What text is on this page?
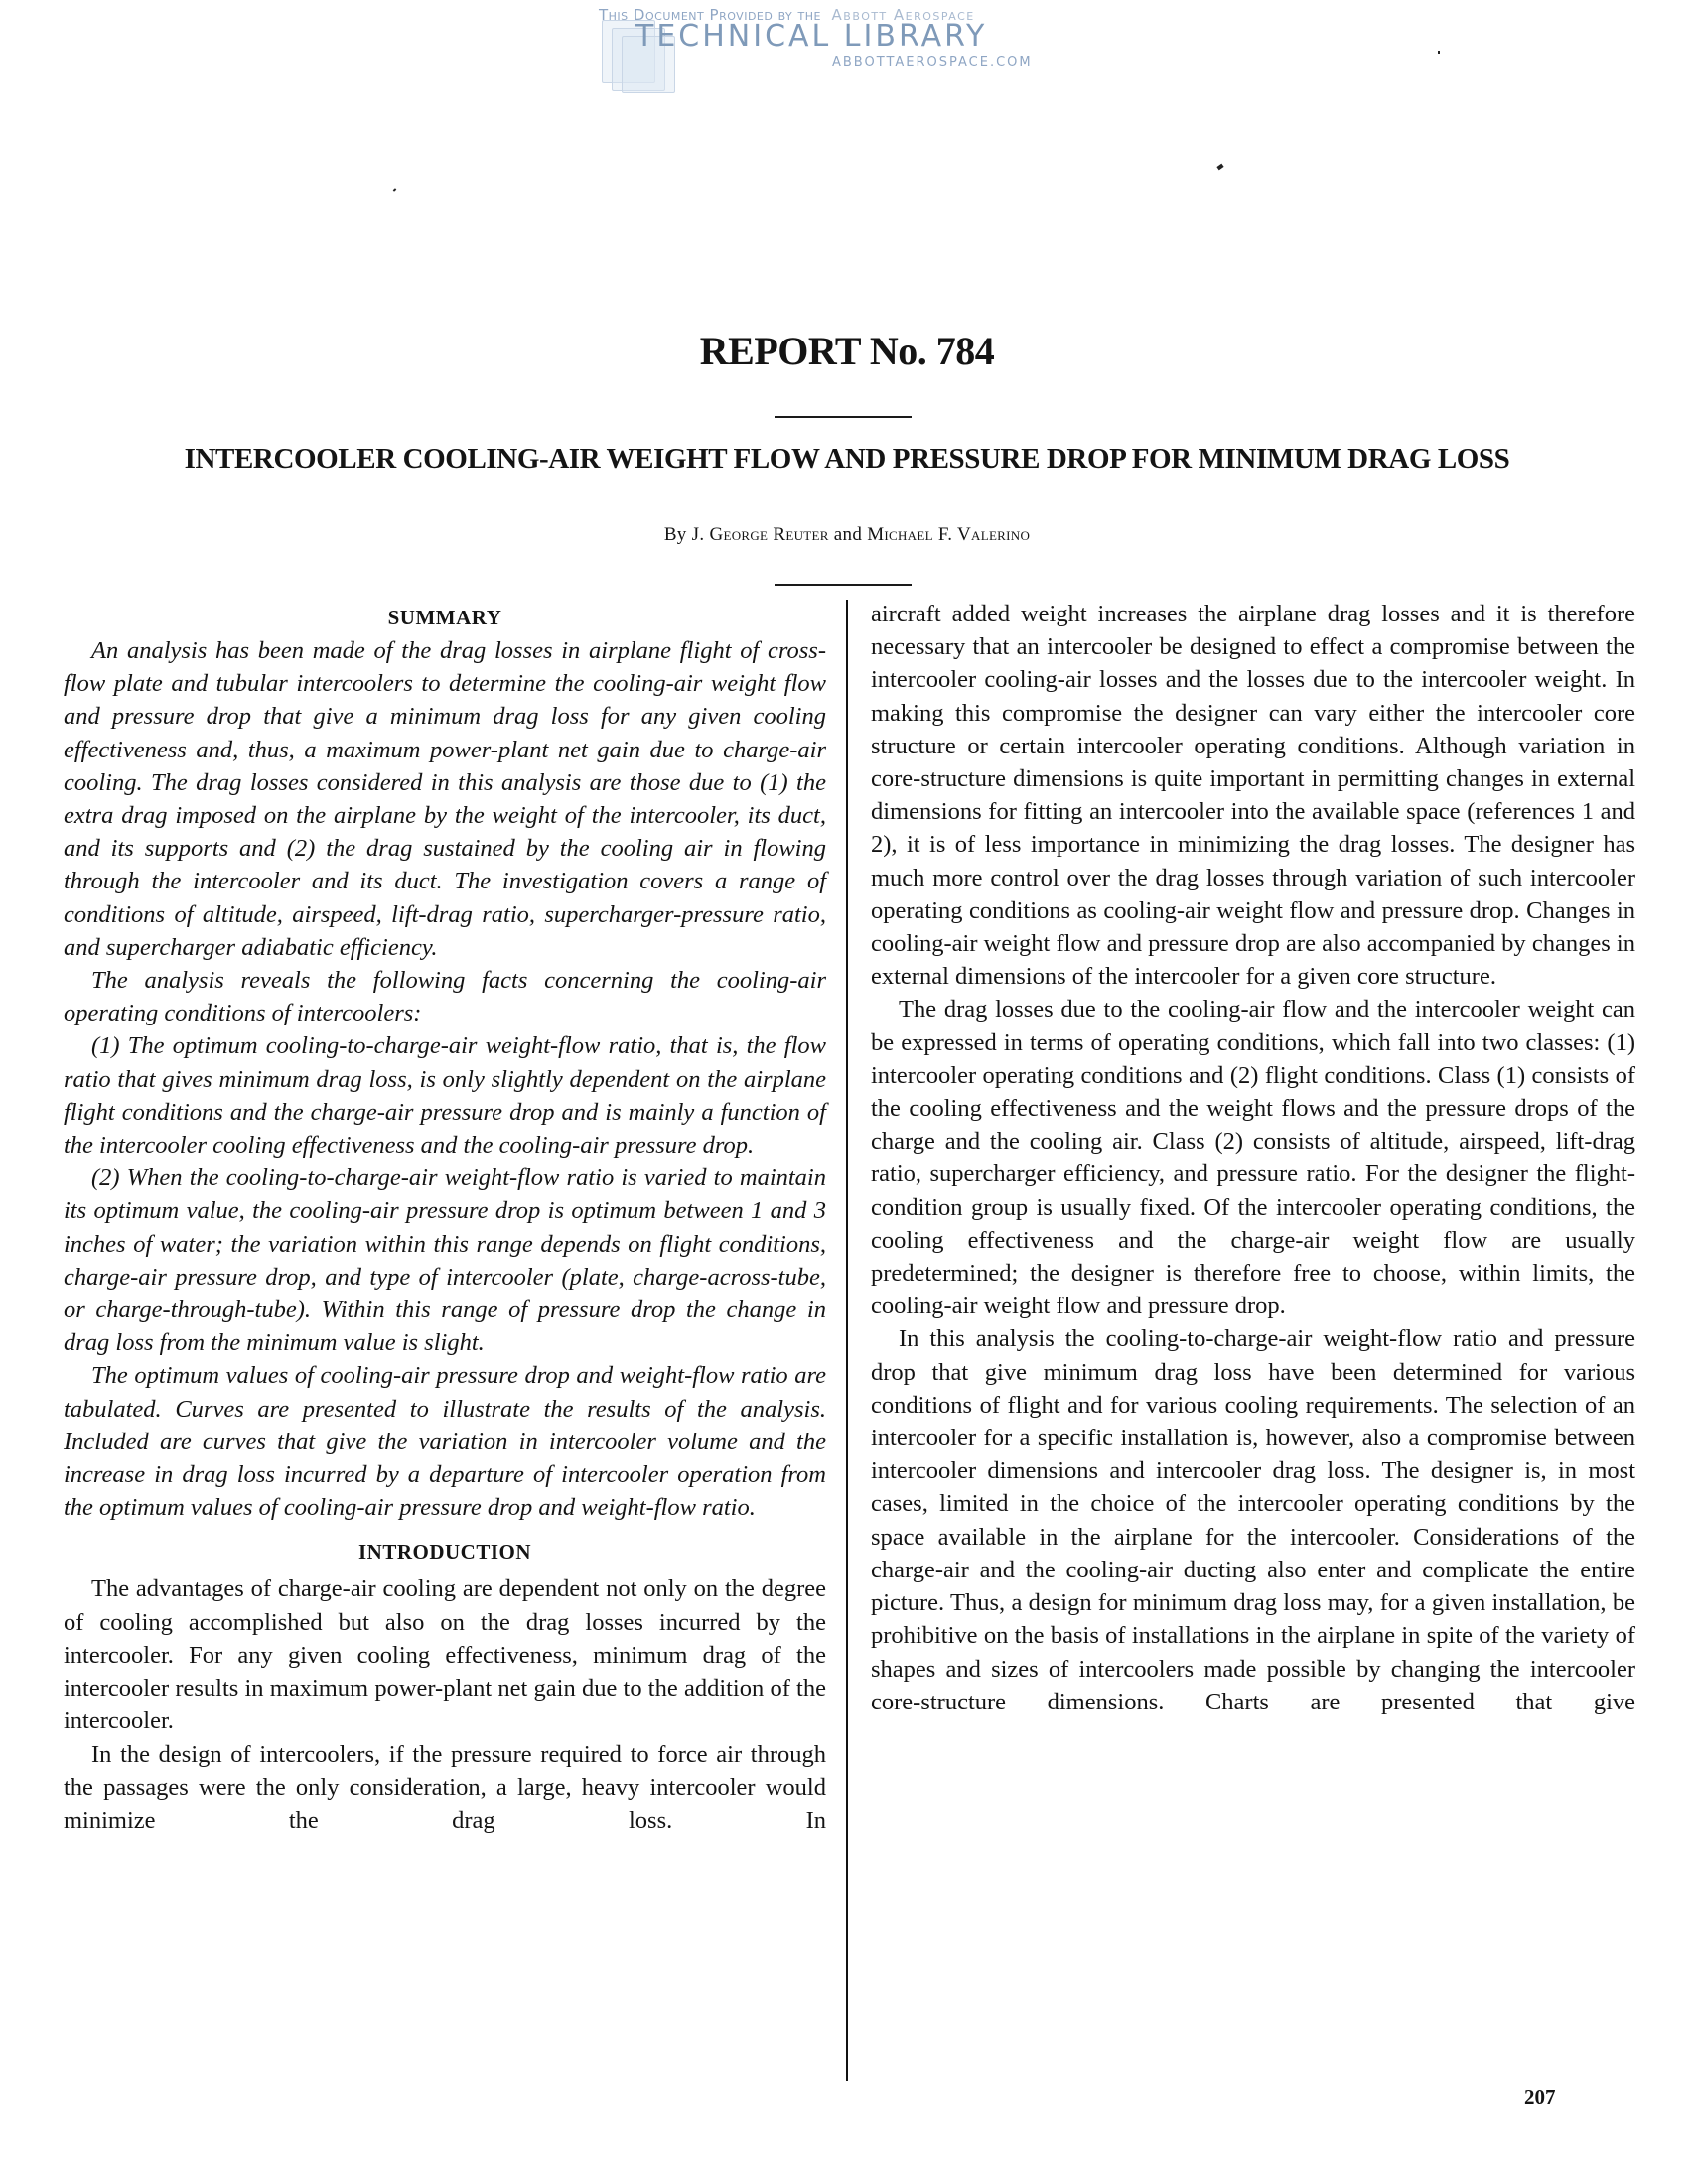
This Document Provided by the Abbott Aerospace
TECHNICAL LIBRARY
ABBOTTAEROSPACE.COM
REPORT No. 784
INTERCOOLER COOLING-AIR WEIGHT FLOW AND PRESSURE DROP FOR MINIMUM DRAG LOSS
By J. George Reuter and Michael F. Valerino
SUMMARY

An analysis has been made of the drag losses in airplane flight of cross-flow plate and tubular intercoolers to determine the cooling-air weight flow and pressure drop that give a minimum drag loss for any given cooling effectiveness and, thus, a maximum power-plant net gain due to charge-air cooling. The drag losses considered in this analysis are those due to (1) the extra drag imposed on the airplane by the weight of the intercooler, its duct, and its supports and (2) the drag sustained by the cooling air in flowing through the intercooler and its duct. The investigation covers a range of conditions of altitude, airspeed, lift-drag ratio, supercharger-pressure ratio, and supercharger adiabatic efficiency.

The analysis reveals the following facts concerning the cooling-air operating conditions of intercoolers:

(1) The optimum cooling-to-charge-air weight-flow ratio, that is, the flow ratio that gives minimum drag loss, is only slightly dependent on the airplane flight conditions and the charge-air pressure drop and is mainly a function of the intercooler cooling effectiveness and the cooling-air pressure drop.

(2) When the cooling-to-charge-air weight-flow ratio is varied to maintain its optimum value, the cooling-air pressure drop is optimum between 1 and 3 inches of water; the variation within this range depends on flight conditions, charge-air pressure drop, and type of intercooler (plate, charge-across-tube, or charge-through-tube). Within this range of pressure drop the change in drag loss from the minimum value is slight.

The optimum values of cooling-air pressure drop and weight-flow ratio are tabulated. Curves are presented to illustrate the results of the analysis. Included are curves that give the variation in intercooler volume and the increase in drag loss incurred by a departure of intercooler operation from the optimum values of cooling-air pressure drop and weight-flow ratio.

INTRODUCTION

The advantages of charge-air cooling are dependent not only on the degree of cooling accomplished but also on the drag losses incurred by the intercooler. For any given cooling effectiveness, minimum drag of the intercooler results in maximum power-plant net gain due to the addition of the intercooler.

In the design of intercoolers, if the pressure required to force air through the passages were the only consideration, a large, heavy intercooler would minimize the drag loss. In

aircraft added weight increases the airplane drag losses and it is therefore necessary that an intercooler be designed to effect a compromise between the intercooler cooling-air losses and the losses due to the intercooler weight. In making this compromise the designer can vary either the intercooler core structure or certain intercooler operating conditions. Although variation in core-structure dimensions is quite important in permitting changes in external dimensions for fitting an intercooler into the available space (references 1 and 2), it is of less importance in minimizing the drag losses. The designer has much more control over the drag losses through variation of such intercooler operating conditions as cooling-air weight flow and pressure drop. Changes in cooling-air weight flow and pressure drop are also accompanied by changes in external dimensions of the intercooler for a given core structure.

The drag losses due to the cooling-air flow and the intercooler weight can be expressed in terms of operating conditions, which fall into two classes: (1) intercooler operating conditions and (2) flight conditions. Class (1) consists of the cooling effectiveness and the weight flows and the pressure drops of the charge and the cooling air. Class (2) consists of altitude, airspeed, lift-drag ratio, supercharger efficiency, and pressure ratio. For the designer the flight-condition group is usually fixed. Of the intercooler operating conditions, the cooling effectiveness and the charge-air weight flow are usually predetermined; the designer is therefore free to choose, within limits, the cooling-air weight flow and pressure drop.

In this analysis the cooling-to-charge-air weight-flow ratio and pressure drop that give minimum drag loss have been determined for various conditions of flight and for various cooling requirements. The selection of an intercooler for a specific installation is, however, also a compromise between intercooler dimensions and intercooler drag loss. The designer is, in most cases, limited in the choice of the intercooler operating conditions by the space available in the airplane for the intercooler. Considerations of the charge-air and the cooling-air ducting also enter and complicate the entire picture. Thus, a design for minimum drag loss may, for a given installation, be prohibitive on the basis of installations in the airplane in spite of the variety of shapes and sizes of intercoolers made possible by changing the intercooler core-structure dimensions. Charts are presented that give

207
